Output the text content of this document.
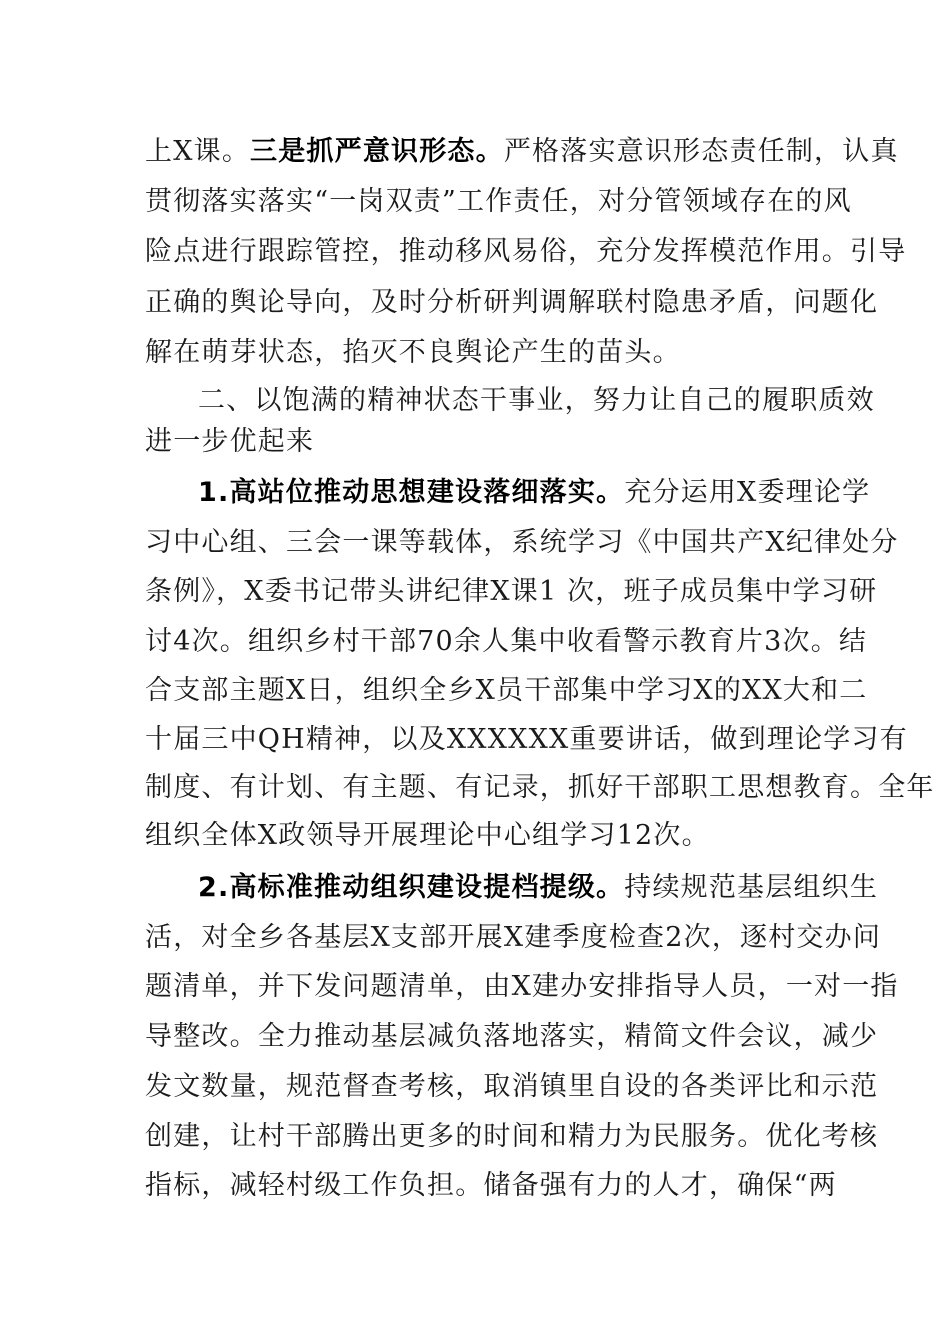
上X课。三是抓严意识形态。严格落实意识形态责任制，认真
贯彻落实落实“一岗双责”工作责任，对分管领域存在的风
险点进行跟踪管控，推动移风易俗，充分发挥模范作用。引导
正确的舆论导向，及时分析研判调解联村隐患矛盾，问题化
解在萌芽状态，掐灭不良舆论产生的苗头。
二、以饱满的精神状态干事业，努力让自己的履职质效
进一步优起来
1.高站位推动思想建设落细落实。充分运用X委理论学
习中心组、三会一课等载体，系统学习《中国共产X纪律处分
条例》，X委书记带头讲纪律X课1 次，班子成员集中学习研
讨4次。组织乡村干部70余人集中收看警示教育片3次。结
合支部主题X日，组织全乡X员干部集中学习X的XX大和二
十届三中QH精神，以及XXXXXX重要讲话，做到理论学习有
制度、有计划、有主题、有记录，抓好干部职工思想教育。全年
组织全体X政领导开展理论中心组学习12次。
2.高标准推动组织建设提档提级。持续规范基层组织生
活，对全乡各基层X支部开展X建季度检查2次，逐村交办问
题清单，并下发问题清单，由X建办安排指导人员，一对一指
导整改。全力推动基层减负落地落实，精简文件会议，减少
发文数量，规范督查考核，取消镇里自设的各类评比和示范
创建，让村干部腾出更多的时间和精力为民服务。优化考核
指标，减轻村级工作负担。储备强有力的人才，确保“两
